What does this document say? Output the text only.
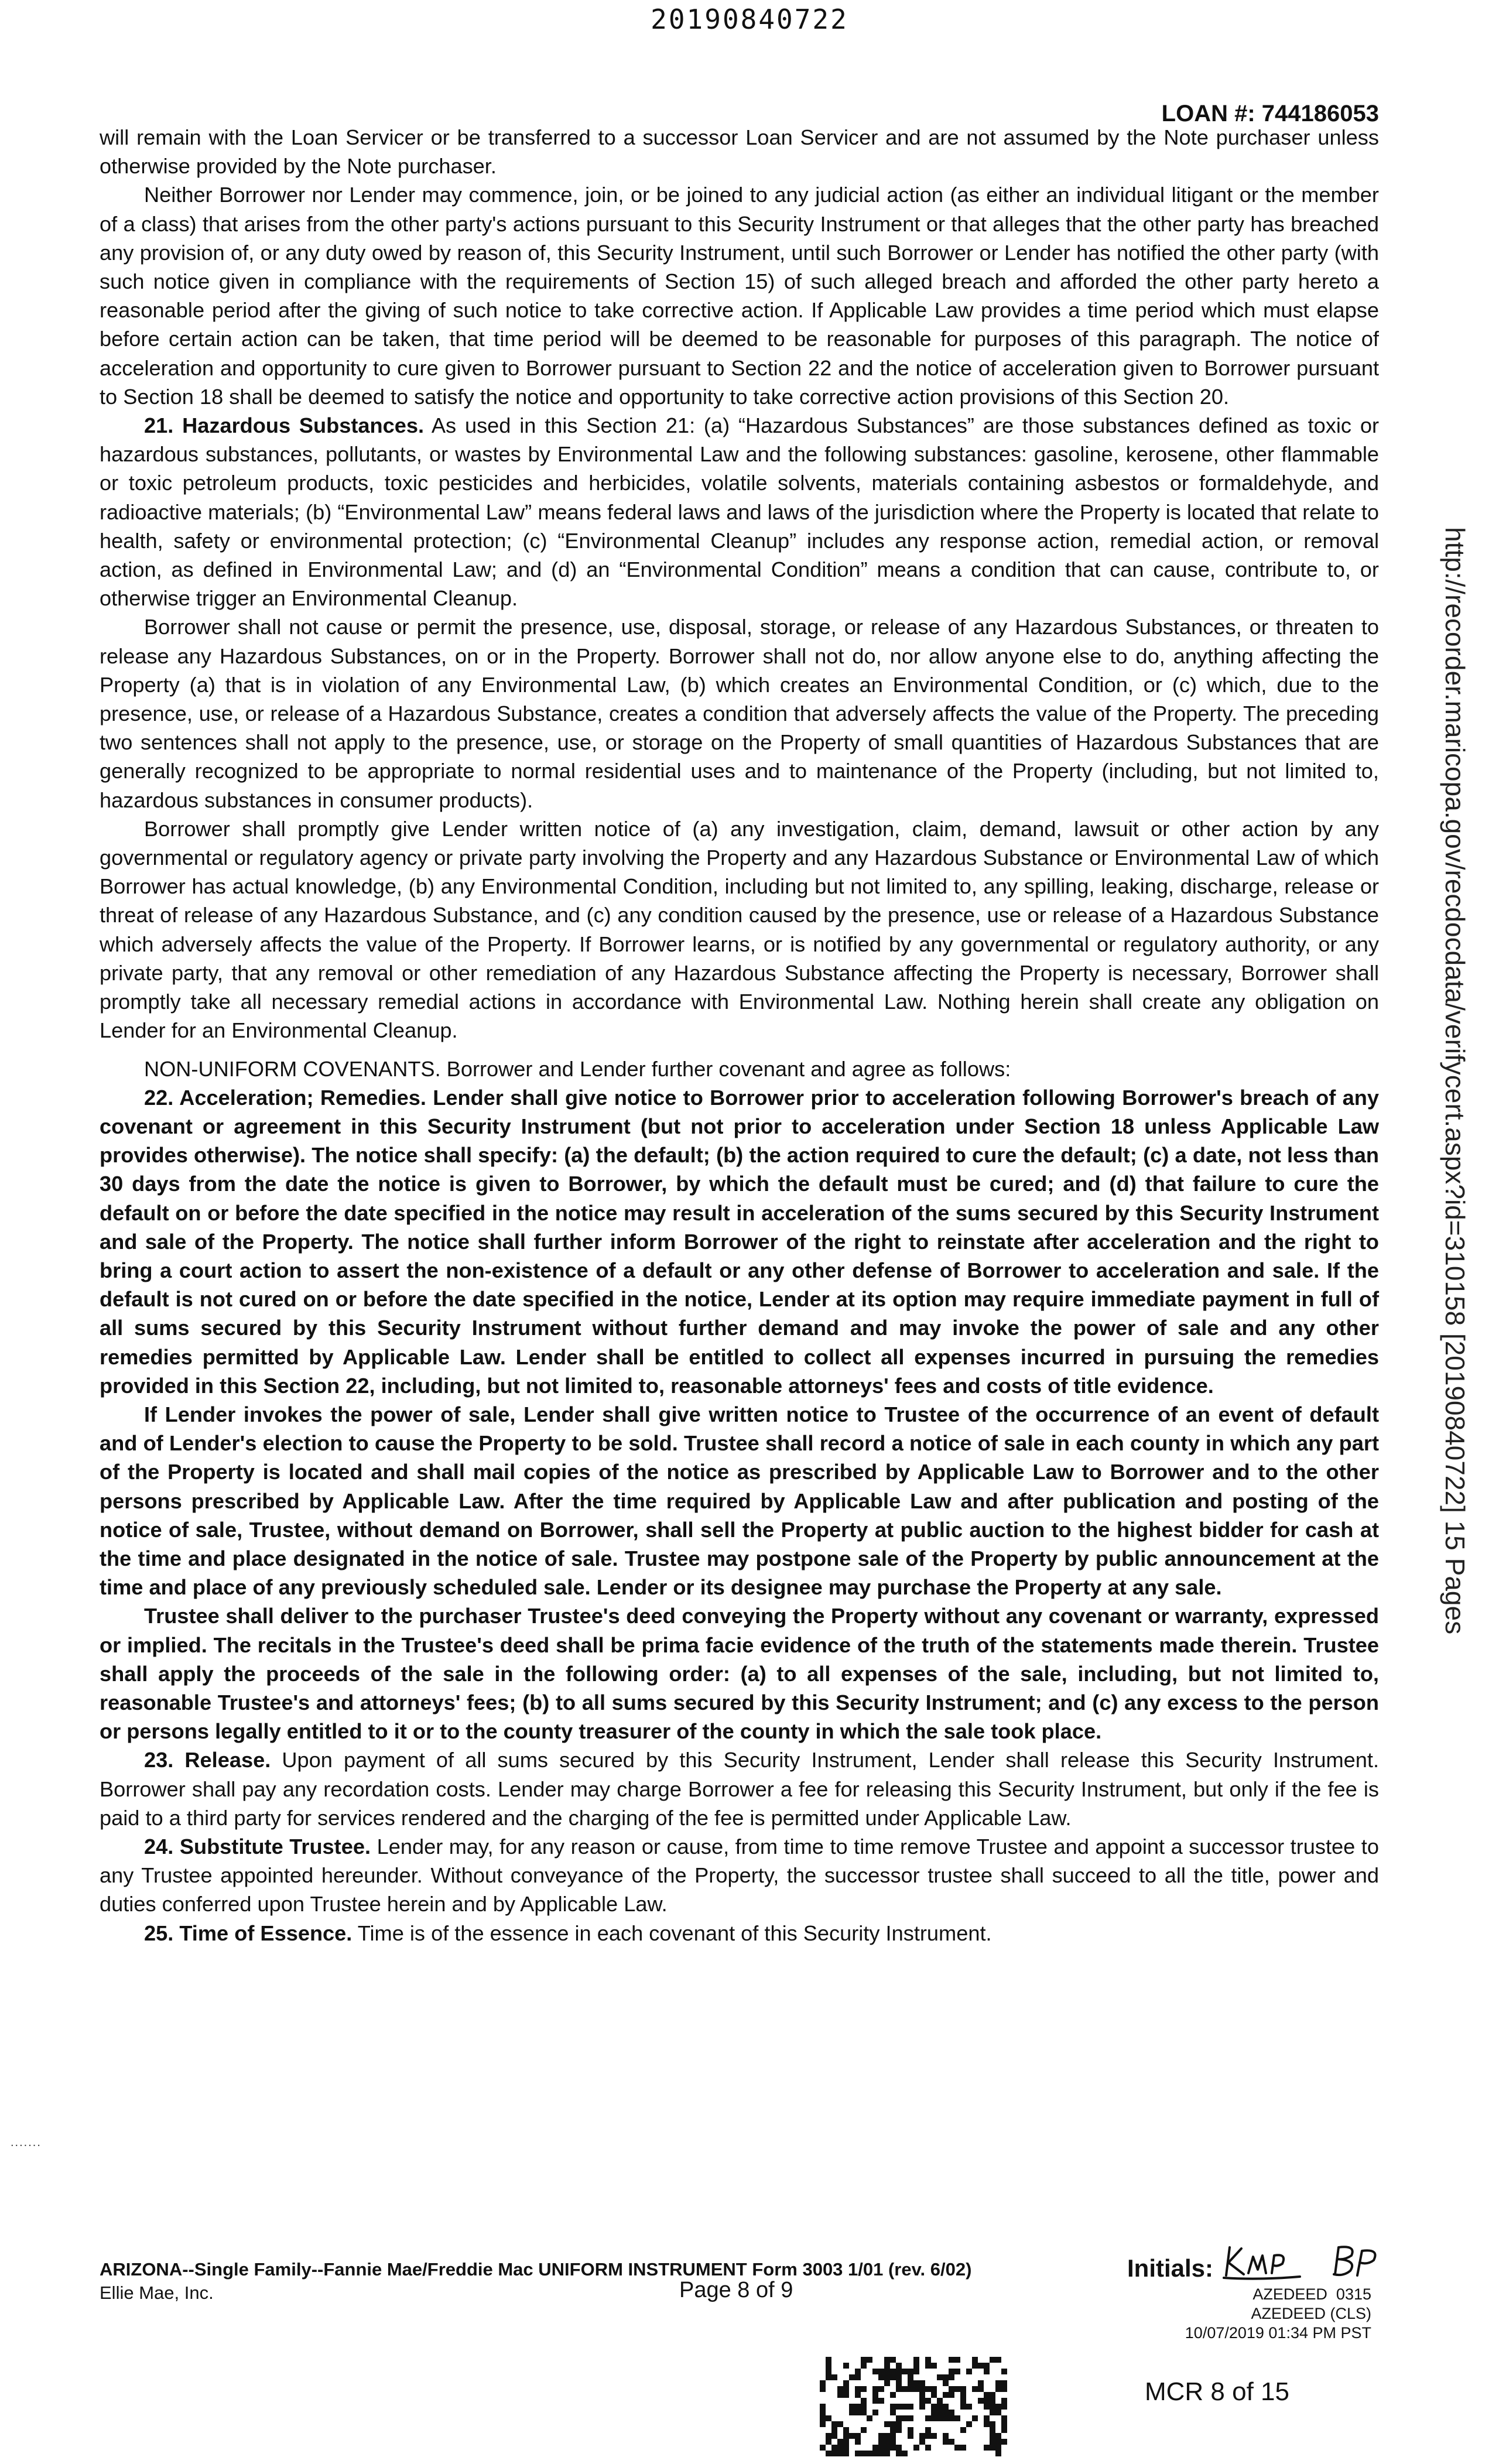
20190840722
LOAN #: 744186053

will remain with the Loan Servicer or be transferred to a successor Loan Servicer and are not assumed by the Note purchaser unless otherwise provided by the Note purchaser.

Neither Borrower nor Lender may commence, join, or be joined to any judicial action (as either an individual litigant or the member of a class) that arises from the other party's actions pursuant to this Security Instrument or that alleges that the other party has breached any provision of, or any duty owed by reason of, this Security Instrument, until such Borrower or Lender has notified the other party (with such notice given in compliance with the requirements of Section 15) of such alleged breach and afforded the other party hereto a reasonable period after the giving of such notice to take corrective action. If Applicable Law provides a time period which must elapse before certain action can be taken, that time period will be deemed to be reasonable for purposes of this paragraph. The notice of acceleration and opportunity to cure given to Borrower pursuant to Section 22 and the notice of acceleration given to Borrower pursuant to Section 18 shall be deemed to satisfy the notice and opportunity to take corrective action provisions of this Section 20.

21. Hazardous Substances. As used in this Section 21: (a) “Hazardous Substances” are those substances defined as toxic or hazardous substances, pollutants, or wastes by Environmental Law and the following substances: gasoline, kerosene, other flammable or toxic petroleum products, toxic pesticides and herbicides, volatile solvents, materials containing asbestos or formaldehyde, and radioactive materials; (b) “Environmental Law” means federal laws and laws of the jurisdiction where the Property is located that relate to health, safety or environmental protection; (c) “Environmental Cleanup” includes any response action, remedial action, or removal action, as defined in Environmental Law; and (d) an “Environmental Condition” means a condition that can cause, contribute to, or otherwise trigger an Environmental Cleanup.

Borrower shall not cause or permit the presence, use, disposal, storage, or release of any Hazardous Substances, or threaten to release any Hazardous Substances, on or in the Property. Borrower shall not do, nor allow anyone else to do, anything affecting the Property (a) that is in violation of any Environmental Law, (b) which creates an Environmental Condition, or (c) which, due to the presence, use, or release of a Hazardous Substance, creates a condition that adversely affects the value of the Property. The preceding two sentences shall not apply to the presence, use, or storage on the Property of small quantities of Hazardous Substances that are generally recognized to be appropriate to normal residential uses and to maintenance of the Property (including, but not limited to, hazardous substances in consumer products).

Borrower shall promptly give Lender written notice of (a) any investigation, claim, demand, lawsuit or other action by any governmental or regulatory agency or private party involving the Property and any Hazardous Substance or Environmental Law of which Borrower has actual knowledge, (b) any Environmental Condition, including but not limited to, any spilling, leaking, discharge, release or threat of release of any Hazardous Substance, and (c) any condition caused by the presence, use or release of a Hazardous Substance which adversely affects the value of the Property. If Borrower learns, or is notified by any governmental or regulatory authority, or any private party, that any removal or other remediation of any Hazardous Substance affecting the Property is necessary, Borrower shall promptly take all necessary remedial actions in accordance with Environmental Law. Nothing herein shall create any obligation on Lender for an Environmental Cleanup.

NON-UNIFORM COVENANTS. Borrower and Lender further covenant and agree as follows:

22. Acceleration; Remedies. Lender shall give notice to Borrower prior to acceleration following Borrower's breach of any covenant or agreement in this Security Instrument (but not prior to acceleration under Section 18 unless Applicable Law provides otherwise). The notice shall specify: (a) the default; (b) the action required to cure the default; (c) a date, not less than 30 days from the date the notice is given to Borrower, by which the default must be cured; and (d) that failure to cure the default on or before the date specified in the notice may result in acceleration of the sums secured by this Security Instrument and sale of the Property. The notice shall further inform Borrower of the right to reinstate after acceleration and the right to bring a court action to assert the non-existence of a default or any other defense of Borrower to acceleration and sale. If the default is not cured on or before the date specified in the notice, Lender at its option may require immediate payment in full of all sums secured by this Security Instrument without further demand and may invoke the power of sale and any other remedies permitted by Applicable Law. Lender shall be entitled to collect all expenses incurred in pursuing the remedies provided in this Section 22, including, but not limited to, reasonable attorneys' fees and costs of title evidence.

If Lender invokes the power of sale, Lender shall give written notice to Trustee of the occurrence of an event of default and of Lender's election to cause the Property to be sold. Trustee shall record a notice of sale in each county in which any part of the Property is located and shall mail copies of the notice as prescribed by Applicable Law to Borrower and to the other persons prescribed by Applicable Law. After the time required by Applicable Law and after publication and posting of the notice of sale, Trustee, without demand on Borrower, shall sell the Property at public auction to the highest bidder for cash at the time and place designated in the notice of sale. Trustee may postpone sale of the Property by public announcement at the time and place of any previously scheduled sale. Lender or its designee may purchase the Property at any sale.

Trustee shall deliver to the purchaser Trustee's deed conveying the Property without any covenant or warranty, expressed or implied. The recitals in the Trustee's deed shall be prima facie evidence of the truth of the statements made therein. Trustee shall apply the proceeds of the sale in the following order: (a) to all expenses of the sale, including, but not limited to, reasonable Trustee's and attorneys' fees; (b) to all sums secured by this Security Instrument; and (c) any excess to the person or persons legally entitled to it or to the county treasurer of the county in which the sale took place.

23. Release. Upon payment of all sums secured by this Security Instrument, Lender shall release this Security Instrument. Borrower shall pay any recordation costs. Lender may charge Borrower a fee for releasing this Security Instrument, but only if the fee is paid to a third party for services rendered and the charging of the fee is permitted under Applicable Law.

24. Substitute Trustee. Lender may, for any reason or cause, from time to time remove Trustee and appoint a successor trustee to any Trustee appointed hereunder. Without conveyance of the Property, the successor trustee shall succeed to all the title, power and duties conferred upon Trustee herein and by Applicable Law.

25. Time of Essence. Time is of the essence in each covenant of this Security Instrument.

http://recorder.maricopa.gov/recdocdata/verifycert.aspx?id=310158 [20190840722] 15 Pages
.......
ARIZONA--Single Family--Fannie Mae/Freddie Mac UNIFORM INSTRUMENT Form 3003 1/01 (rev. 6/02)
Ellie Mae, Inc.	Page 8 of 9
Initials:
AZEDEED  0315
AZEDEED (CLS)
10/07/2019 01:34 PM PST
MCR 8 of 15
